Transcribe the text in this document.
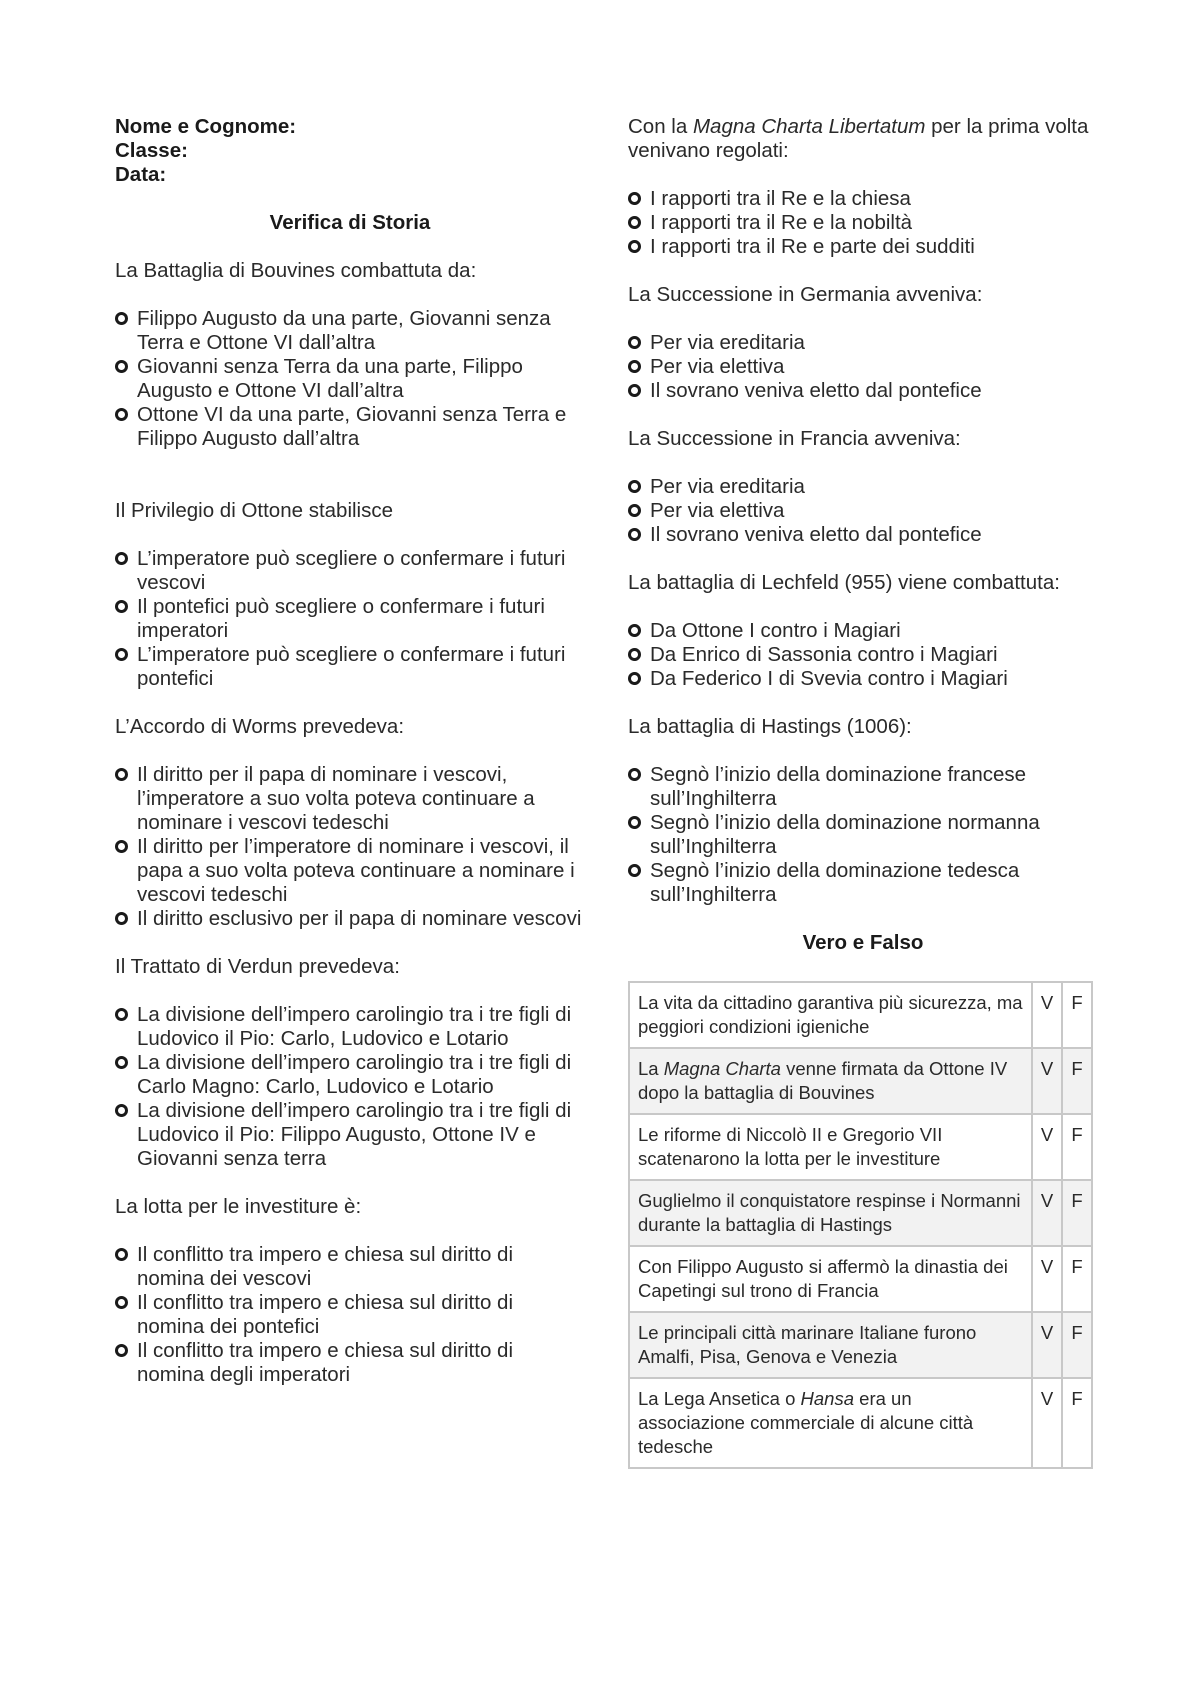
Nome e Cognome:

Classe:

Data:

Verifica di Storia
La Battaglia di Bouvines combattuta da:
Filippo Augusto da una parte, Giovanni senza Terra e Ottone VI dall’altra
Giovanni senza Terra da una parte, Filippo Augusto e Ottone VI dall’altra
Ottone VI da una parte, Giovanni senza Terra e Filippo Augusto dall’altra
Il Privilegio di Ottone stabilisce
L’imperatore può scegliere o confermare i futuri vescovi
Il pontefici può scegliere o confermare i futuri imperatori
L’imperatore può scegliere o confermare i futuri pontefici
L’Accordo di Worms prevedeva:
Il diritto per il papa di nominare i vescovi, l’imperatore a suo volta poteva continuare a nominare i vescovi tedeschi
Il diritto per l’imperatore di nominare i vescovi, il papa a suo volta poteva continuare a nominare i vescovi tedeschi
Il diritto esclusivo per il papa di nominare vescovi
Il Trattato di Verdun prevedeva:
La divisione dell’impero carolingio tra i tre figli di Ludovico il Pio: Carlo, Ludovico e Lotario
La divisione dell’impero carolingio tra i tre figli di Carlo Magno: Carlo, Ludovico e Lotario
La divisione dell’impero carolingio tra i tre figli di Ludovico il Pio: Filippo Augusto, Ottone IV e Giovanni senza terra
La lotta per le investiture è:
Il conflitto tra impero e chiesa sul diritto di nomina dei vescovi
Il conflitto tra impero e chiesa sul diritto di nomina dei pontefici
Il conflitto tra impero e chiesa sul diritto di nomina degli imperatori
Con la Magna Charta Libertatum per la prima volta venivano regolati:
I rapporti tra il Re e la chiesa
I rapporti tra il Re e la nobiltà
I rapporti tra il Re e parte dei sudditi
La Successione in Germania avveniva:
Per via ereditaria
Per via elettiva
Il sovrano veniva eletto dal pontefice
La Successione in Francia avveniva:
Per via ereditaria
Per via elettiva
Il sovrano veniva eletto dal pontefice
La battaglia di Lechfeld (955) viene combattuta:
Da Ottone I contro i Magiari
Da Enrico di Sassonia contro i Magiari
Da Federico I di Svevia contro i Magiari
La battaglia di Hastings (1006):
Segnò l’inizio della dominazione francese sull’Inghilterra
Segnò l’inizio della dominazione normanna sull’Inghilterra
Segnò l’inizio della dominazione tedesca sull’Inghilterra
Vero e Falso
La vita da cittadino garantiva più sicurezza, ma peggiori condizioni igieniche	V	F
La Magna Charta venne firmata da Ottone IV dopo la battaglia di Bouvines	V	F
Le riforme di Niccolò II e Gregorio VII scatenarono la lotta per le investiture	V	F
Guglielmo il conquistatore respinse i Normanni durante la battaglia di Hastings	V	F
Con Filippo Augusto si affermò la dinastia dei Capetingi sul trono di Francia	V	F
Le principali città marinare Italiane furono Amalfi, Pisa, Genova e Venezia	V	F
La Lega Ansetica o Hansa era un associazione commerciale di alcune città tedesche	V	F
